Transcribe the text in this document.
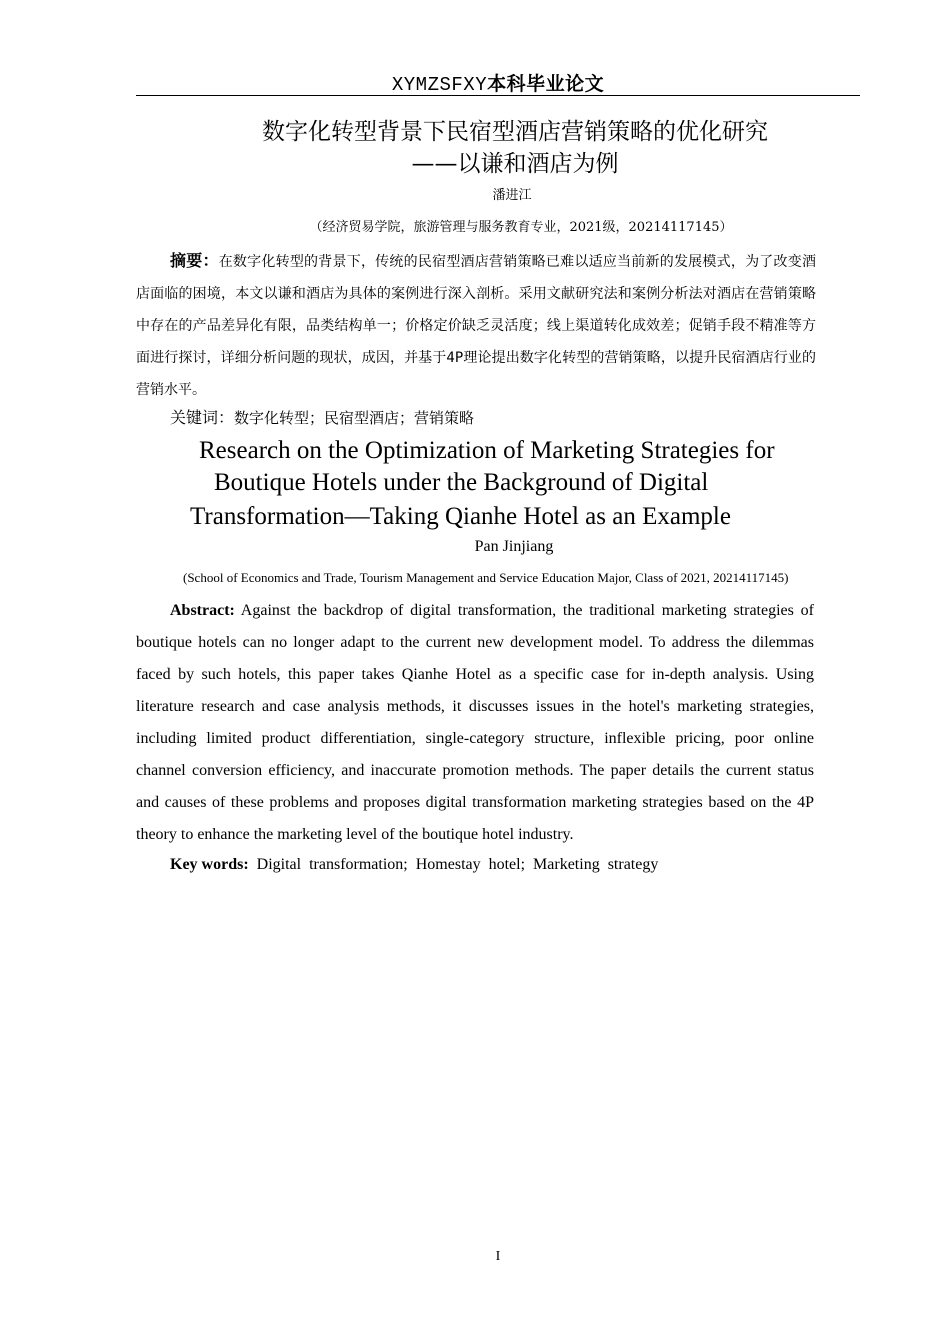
XYMZSFXY本科毕业论文
数字化转型背景下民宿型酒店营销策略的优化研究
——以谦和酒店为例
潘进江
（经济贸易学院，旅游管理与服务教育专业，2021级，20214117145）

摘要：在数字化转型的背景下，传统的民宿型酒店营销策略已难以适应当前新的发展模式，为了改变酒店面临的困境，本文以谦和酒店为具体的案例进行深入剖析。采用文献研究法和案例分析法对酒店在营销策略中存在的产品差异化有限，品类结构单一；价格定价缺乏灵活度；线上渠道转化成效差；促销手段不精准等方面进行探讨，详细分析问题的现状，成因，并基于4P理论提出数字化转型的营销策略，以提升民宿酒店行业的营销水平。

关键词：数字化转型；民宿型酒店；营销策略
Research on the Optimization of Marketing Strategies for
Boutique Hotels under the Background of Digital
Transformation—Taking Qianhe Hotel as an Example
Pan Jinjiang
(School of Economics and Trade, Tourism Management and Service Education Major, Class of 2021, 20214117145)

Abstract: Against the backdrop of digital transformation, the traditional marketing strategies of boutique hotels can no longer adapt to the current new development model. To address the dilemmas faced by such hotels, this paper takes Qianhe Hotel as a specific case for in-depth analysis. Using literature research and case analysis methods, it discusses issues in the hotel's marketing strategies, including limited product differentiation, single-category structure, inflexible pricing, poor online channel conversion efficiency, and inaccurate promotion methods. The paper details the current status and causes of these problems and proposes digital transformation marketing strategies based on the 4P theory to enhance the marketing level of the boutique hotel industry.

Key words: Digital transformation; Homestay hotel; Marketing strategy
I
